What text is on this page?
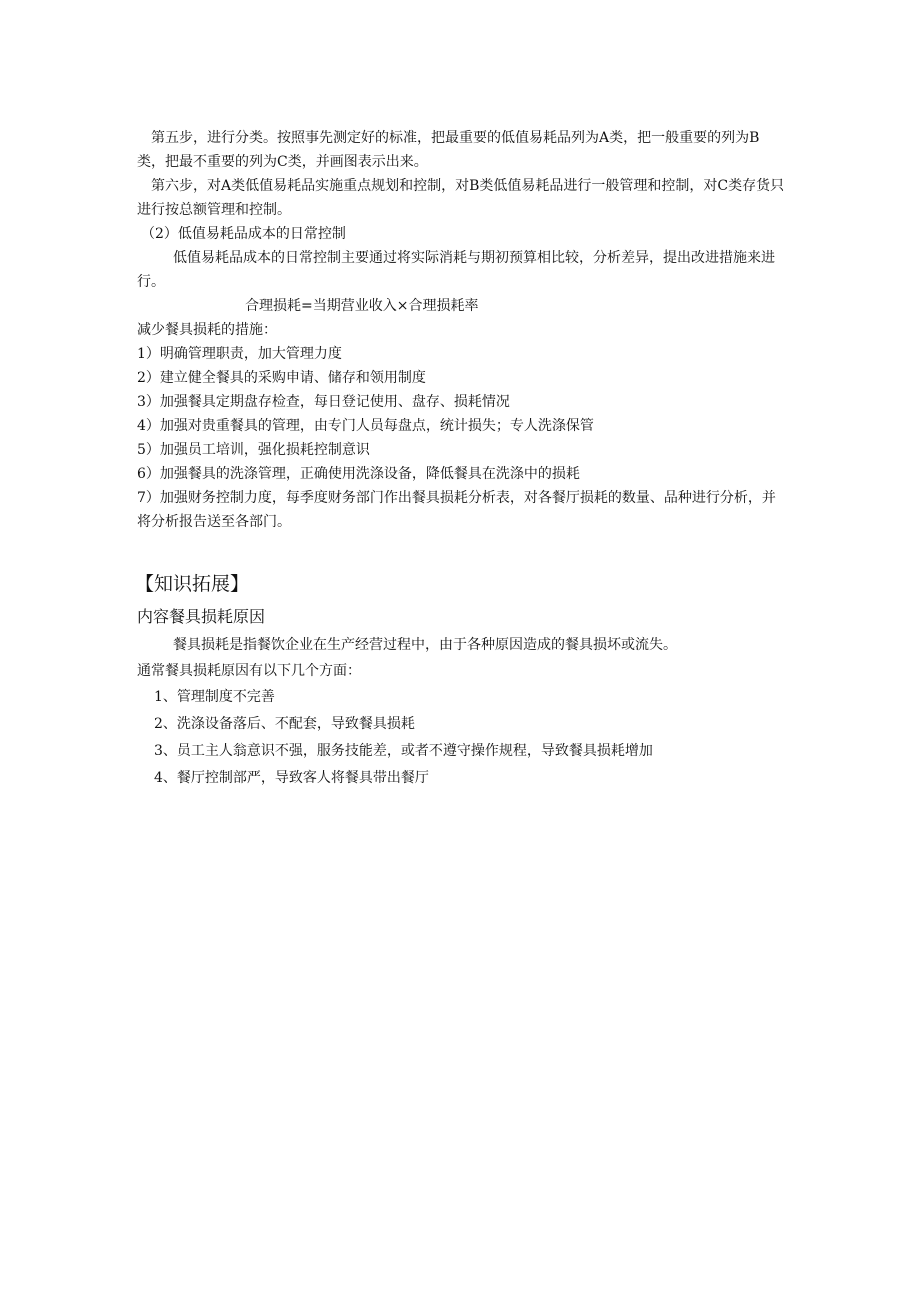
第五步，进行分类。按照事先测定好的标准，把最重要的低值易耗品列为A类，把一般重要的列为B类，把最不重要的列为C类，并画图表示出来。

第六步，对A类低值易耗品实施重点规划和控制，对B类低值易耗品进行一般管理和控制，对C类存货只进行按总额管理和控制。

（2）低值易耗品成本的日常控制

低值易耗品成本的日常控制主要通过将实际消耗与期初预算相比较，分析差异，提出改进措施来进行。

合理损耗=当期营业收入×合理损耗率

减少餐具损耗的措施：

1）明确管理职责，加大管理力度

2）建立健全餐具的采购申请、储存和领用制度

3）加强餐具定期盘存检查，每日登记使用、盘存、损耗情况

4）加强对贵重餐具的管理，由专门人员每盘点，统计损失；专人洗涤保管

5）加强员工培训，强化损耗控制意识

6）加强餐具的洗涤管理，正确使用洗涤设备，降低餐具在洗涤中的损耗

7）加强财务控制力度，每季度财务部门作出餐具损耗分析表，对各餐厅损耗的数量、品种进行分析，并将分析报告送至各部门。

【知识拓展】

内容餐具损耗原因

餐具损耗是指餐饮企业在生产经营过程中，由于各种原因造成的餐具损坏或流失。

通常餐具损耗原因有以下几个方面：

1、管理制度不完善

2、洗涤设备落后、不配套，导致餐具损耗

3、员工主人翁意识不强，服务技能差，或者不遵守操作规程，导致餐具损耗增加

4、餐厅控制部严，导致客人将餐具带出餐厅
